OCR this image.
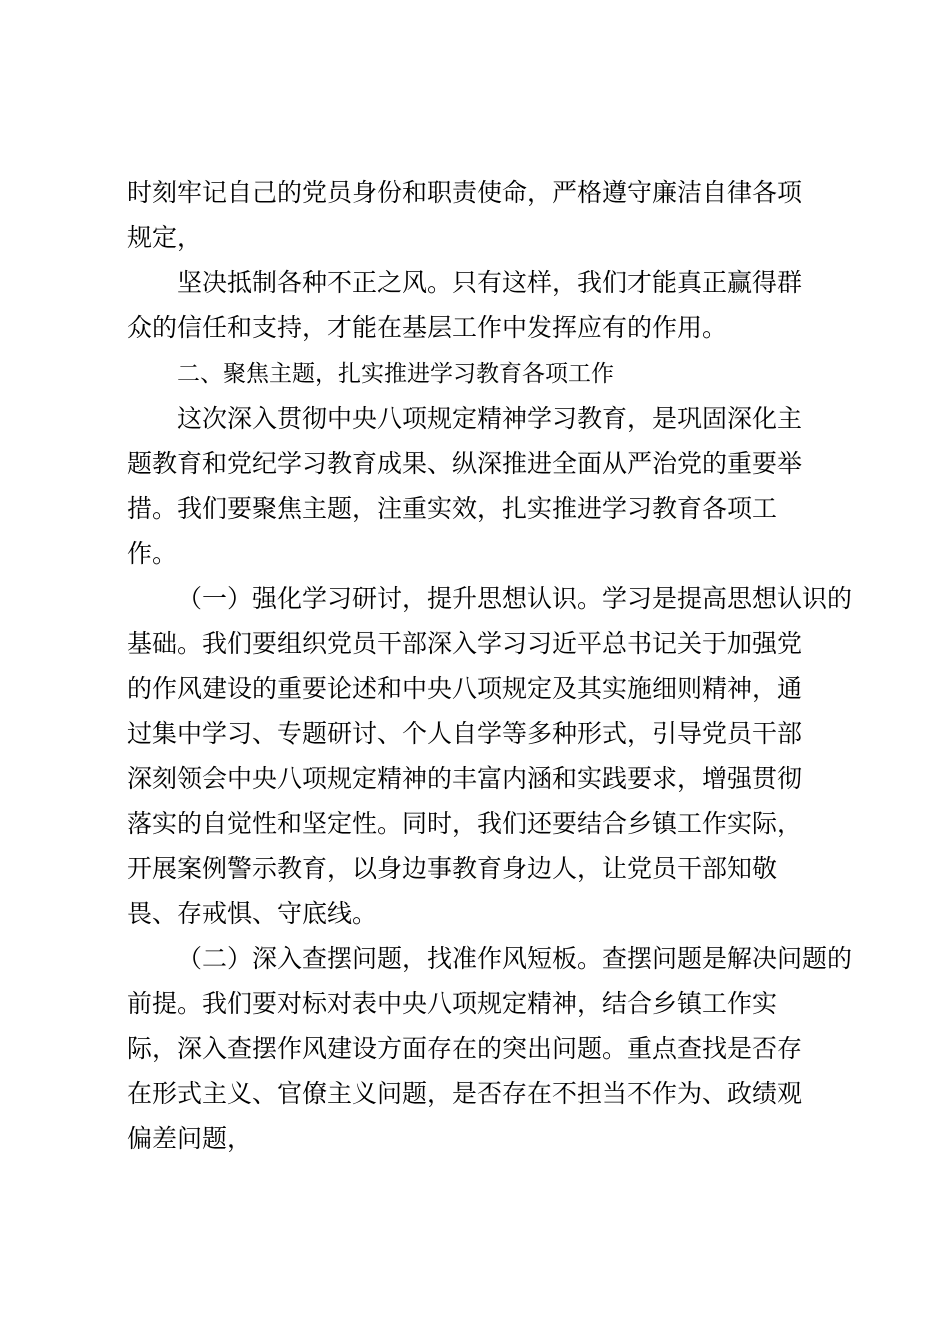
时刻牢记自己的党员身份和职责使命，严格遵守廉洁自律各项

规定，

坚决抵制各种不正之风。只有这样，我们才能真正赢得群

众的信任和支持，才能在基层工作中发挥应有的作用。

二、聚焦主题，扎实推进学习教育各项工作

这次深入贯彻中央八项规定精神学习教育，是巩固深化主

题教育和党纪学习教育成果、纵深推进全面从严治党的重要举

措。我们要聚焦主题，注重实效，扎实推进学习教育各项工

作。

（一）强化学习研讨，提升思想认识。学习是提高思想认识的

基础。我们要组织党员干部深入学习习近平总书记关于加强党

的作风建设的重要论述和中央八项规定及其实施细则精神，通

过集中学习、专题研讨、个人自学等多种形式，引导党员干部

深刻领会中央八项规定精神的丰富内涵和实践要求，增强贯彻

落实的自觉性和坚定性。同时，我们还要结合乡镇工作实际，

开展案例警示教育，以身边事教育身边人，让党员干部知敬

畏、存戒惧、守底线。

（二）深入查摆问题，找准作风短板。查摆问题是解决问题的

前提。我们要对标对表中央八项规定精神，结合乡镇工作实

际，深入查摆作风建设方面存在的突出问题。重点查找是否存

在形式主义、官僚主义问题，是否存在不担当不作为、政绩观

偏差问题，
